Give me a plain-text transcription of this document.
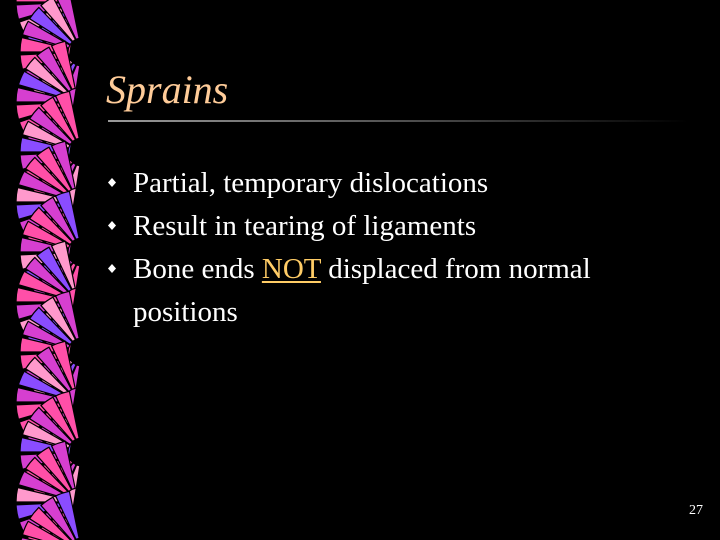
Sprains
Partial, temporary dislocations
Result in tearing of ligaments
Bone ends NOT displaced from normal
positions
27
